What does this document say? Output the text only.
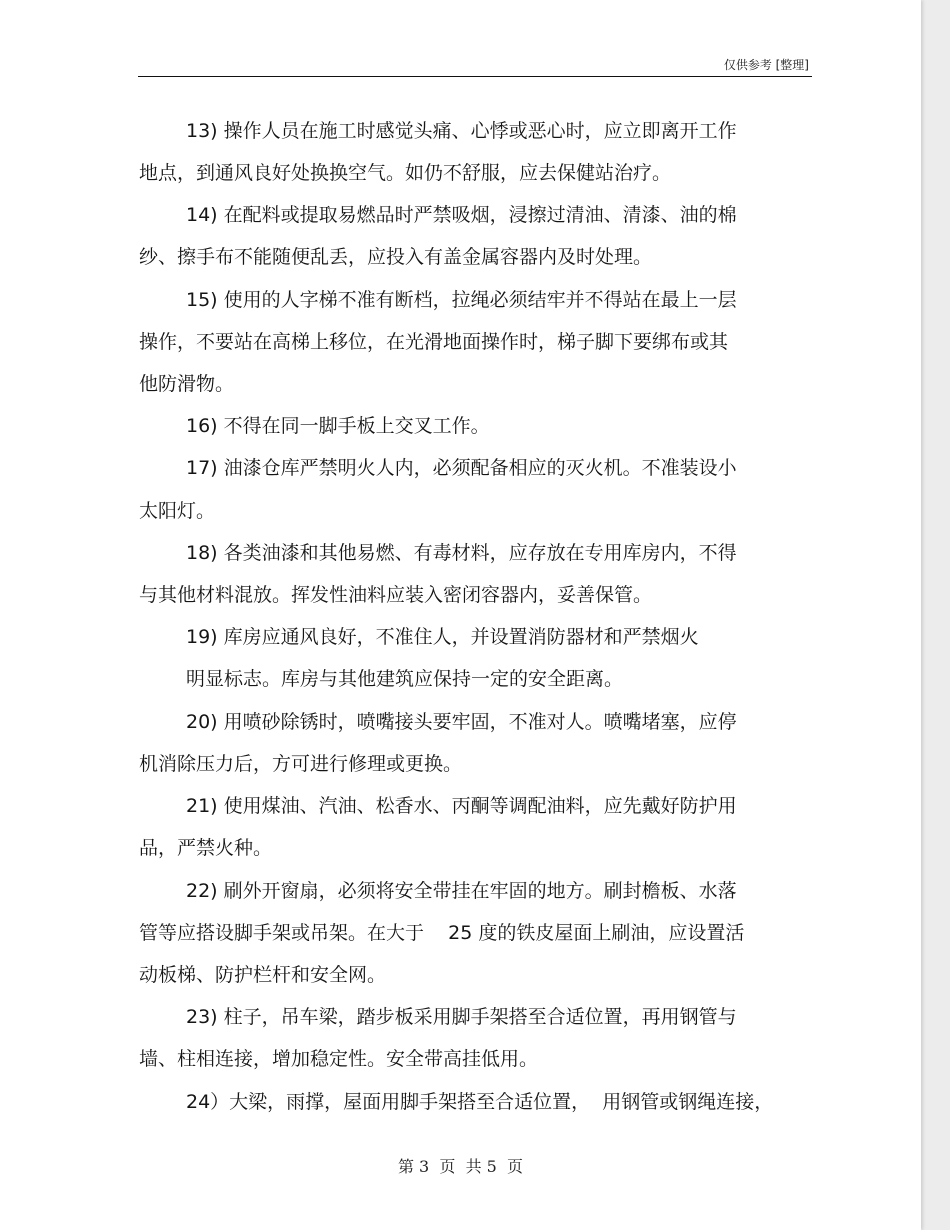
仅供参考 [整理]
13) 操作人员在施工时感觉头痛、心悸或恶心时，应立即离开工作
地点，到通风良好处换换空气。如仍不舒服，应去保健站治疗。
14) 在配料或提取易燃品时严禁吸烟，浸擦过清油、清漆、油的棉
纱、擦手布不能随便乱丢，应投入有盖金属容器内及时处理。
15) 使用的人字梯不准有断档，拉绳必须结牢并不得站在最上一层
操作，不要站在高梯上移位，在光滑地面操作时，梯子脚下要绑布或其
他防滑物。
16) 不得在同一脚手板上交叉工作。
17) 油漆仓库严禁明火人内，必须配备相应的灭火机。不准装设小
太阳灯。
18) 各类油漆和其他易燃、有毒材料，应存放在专用库房内，不得
与其他材料混放。挥发性油料应装入密闭容器内，妥善保管。
19) 库房应通风良好，不准住人，并设置消防器材和严禁烟火
明显标志。库房与其他建筑应保持一定的安全距离。
20) 用喷砂除锈时，喷嘴接头要牢固，不准对人。喷嘴堵塞，应停
机消除压力后，方可进行修理或更换。
21) 使用煤油、汽油、松香水、丙酮等调配油料，应先戴好防护用
品，严禁火种。
22) 刷外开窗扇，必须将安全带挂在牢固的地方。刷封檐板、水落
管等应搭设脚手架或吊架。在大于    25 度的铁皮屋面上刷油，应设置活
动板梯、防护栏杆和安全网。
23) 柱子，吊车梁，踏步板采用脚手架搭至合适位置，再用钢管与
墙、柱相连接，增加稳定性。安全带高挂低用。
24）大梁，雨撑，屋面用脚手架搭至合适位置，  用钢管或钢绳连接，
第 3  页  共 5  页
